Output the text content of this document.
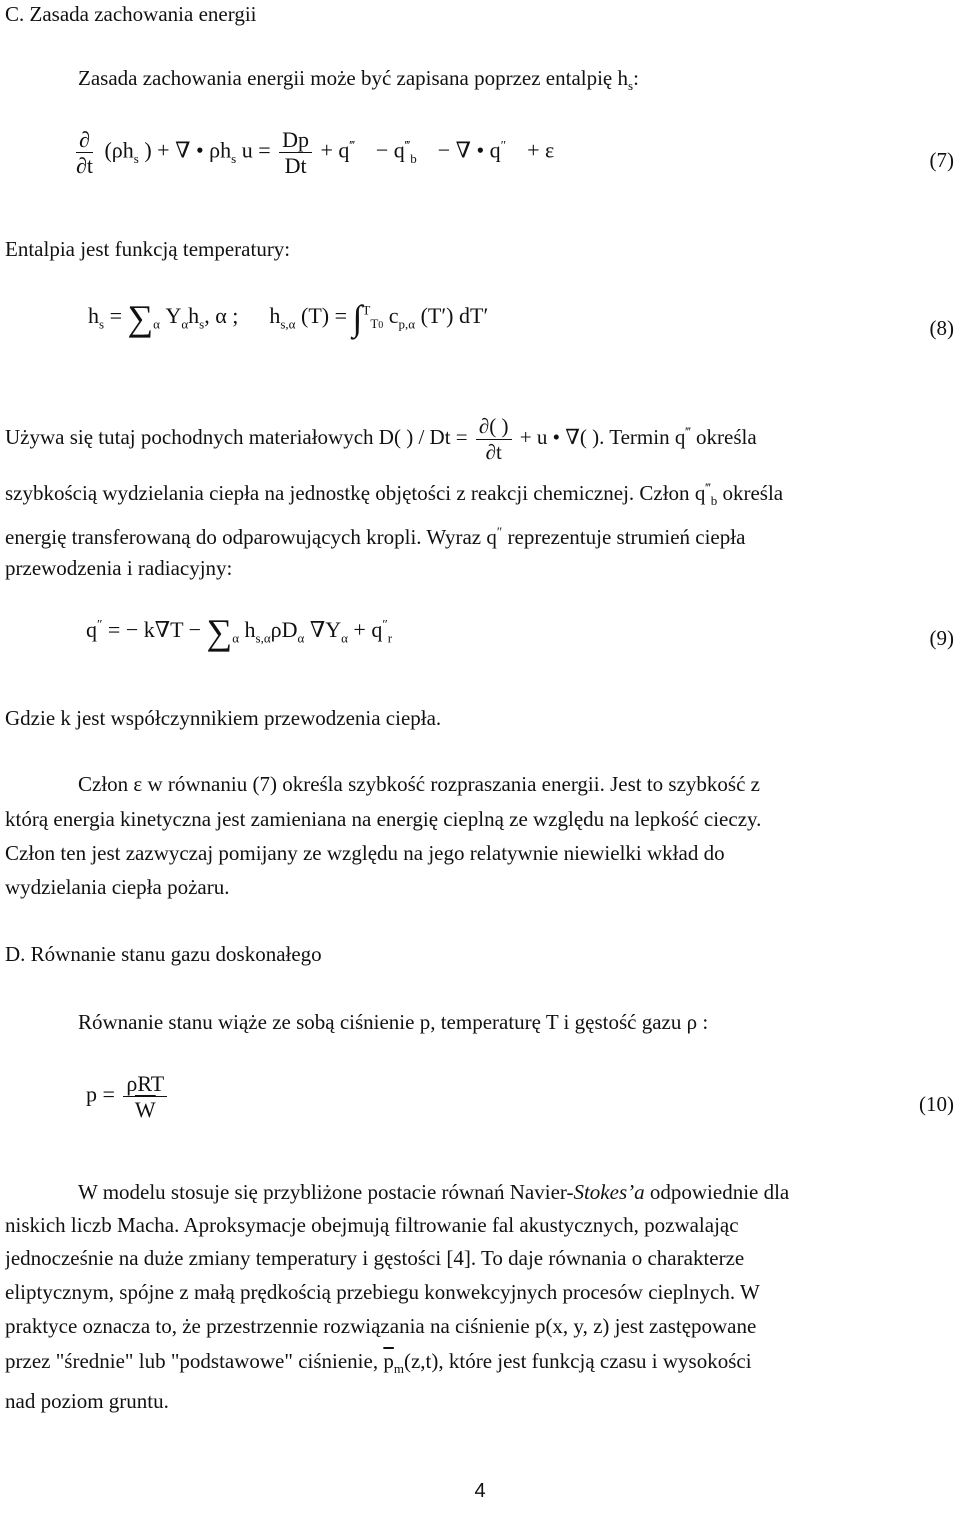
C. Zasada zachowania energii
Zasada zachowania energii może być zapisana poprzez entalpię $h_s$:
$\frac{\partial}{\partial t} (\rho h_s$ ) + ∇ • $\rho h_s$ $u = \frac{Dp}{Dt} + q^‴ - q^‴_b$ − ∇ • q″ + ε	(7)
Entalpia jest funkcją temperatury:
$h_s = \sum_\alpha$ $Y_\alpha h_s$, α ; $h_{s,\alpha}$ (T) = ∫$^T_{T0}$ $c_{p,\alpha}$ (T′) dT′	(8)
Używa się tutaj pochodnych materiałowych D( ) / $Dt = \frac{\partial( )}{\partial t} + u$ • ∇( ). Termin q‴ określa
szybkością wydzielania ciepła na jednostkę objętości z reakcji chemicznej. Człon $q^‴_b$ określa
energię transferowaną do odparowujących kropli. Wyraz q″ reprezentuje strumień ciepła
przewodzenia i radiacyjny:
q″ = − $k\nabla T - \sum_\alpha$ $h_{s,\alpha}\rho D_\alpha$ $\nabla Y_\alpha + q''_r$	(9)
Gdzie k jest współczynnikiem przewodzenia ciepła.
Człon ε w równaniu (7) określa szybkość rozpraszania energii. Jest to szybkość z
którą energia kinetyczna jest zamieniana na energię cieplną ze względu na lepkość cieczy.
Człon ten jest zazwyczaj pomijany ze względu na jego relatywnie niewielki wkład do
wydzielania ciepła pożaru.
D. Równanie stanu gazu doskonałego
Równanie stanu wiąże ze sobą ciśnienie p, temperaturę T i gęstość gazu ρ :
$p = \frac{\text{ρRT}}{W}$	(10)
W modelu stosuje się przybliżone postacie równań Navier-Stokes’a odpowiednie dla
niskich liczb Macha. Aproksymacje obejmują filtrowanie fal akustycznych, pozwalając
jednocześnie na duże zmiany temperatury i gęstości [4]. To daje równania o charakterze
eliptycznym, spójne z małą prędkością przebiegu konwekcyjnych procesów cieplnych. W
praktyce oznacza to, że przestrzennie rozwiązania na ciśnienie p(x, y, z) jest zastępowane
przez "średnie" lub "podstawowe" ciśnienie, $\overline{p}_m(z,t)$, które jest funkcją czasu i wysokości
nad poziom gruntu.
4
